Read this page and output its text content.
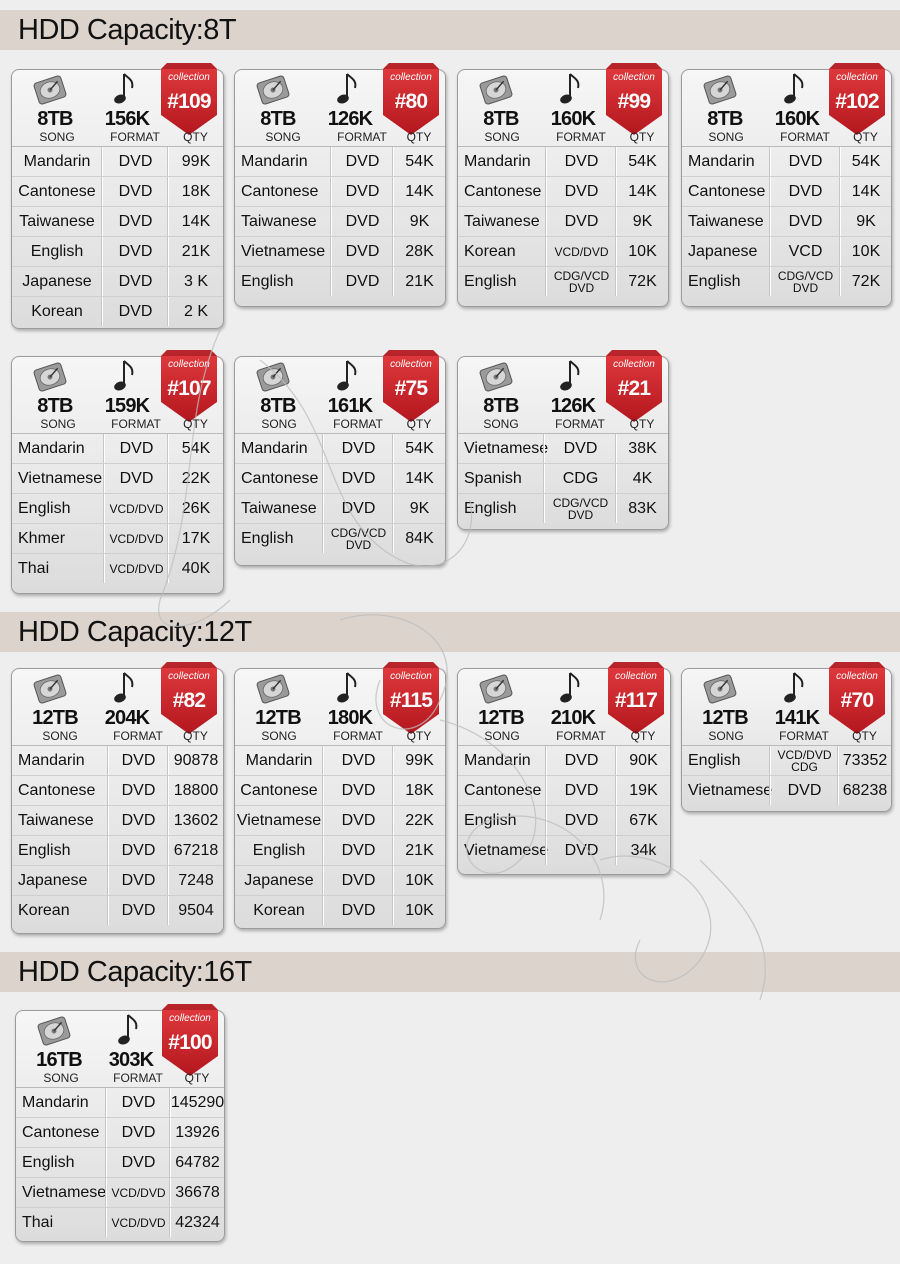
HDD Capacity:8T
HDD Capacity:12T
HDD Capacity:16T
8TB	156K
collection
#109
SONG	FORMAT	QTY
Mandarin	DVD	99K
Cantonese	DVD	18K
Taiwanese	DVD	14K
English	DVD	21K
Japanese	DVD	3 K
Korean	DVD	2 K
8TB	126K
collection
#80
SONG	FORMAT	QTY
Mandarin	DVD	54K
Cantonese	DVD	14K
Taiwanese	DVD	9K
Vietnamese	DVD	28K
English	DVD	21K
8TB	160K
collection
#99
SONG	FORMAT	QTY
Mandarin	DVD	54K
Cantonese	DVD	14K
Taiwanese	DVD	9K
Korean	VCD/DVD	10K
English	CDG/VCD DVD	72K
8TB	160K
collection
#102
SONG	FORMAT	QTY
Mandarin	DVD	54K
Cantonese	DVD	14K
Taiwanese	DVD	9K
Japanese	VCD	10K
English	CDG/VCD DVD	72K
8TB	159K
collection
#107
SONG	FORMAT	QTY
Mandarin	DVD	54K
Vietnamese	DVD	22K
English	VCD/DVD	26K
Khmer	VCD/DVD	17K
Thai	VCD/DVD	40K
8TB	161K
collection
#75
SONG	FORMAT	QTY
Mandarin	DVD	54K
Cantonese	DVD	14K
Taiwanese	DVD	9K
English	CDG/VCD DVD	84K
8TB	126K
collection
#21
SONG	FORMAT	QTY
Vietnamese DVD	38K
Spanish	CDG	4K
English	CDG/VCD DVD	83K
12TB	204K
collection
#82
SONG	FORMAT	QTY
Mandarin	DVD	90878
Cantonese	DVD	18800
Taiwanese	DVD	13602
English	DVD	67218
Japanese	DVD	7248
Korean	DVD	9504
12TB	180K
collection
#115
SONG	FORMAT	QTY
Mandarin	DVD	99K
Cantonese	DVD	18K
Vietnamese	DVD	22K
English	DVD	21K
Japanese	DVD	10K
Korean	DVD	10K
12TB	210K
collection
#117
SONG	FORMAT	QTY
Mandarin	DVD	90K
Cantonese	DVD	19K
English	DVD	67K
Vietnamese	DVD	34k
12TB	141K
collection
#70
SONG	FORMAT	QTY
English	VCD/DVD CDG	73352
Vietnamese DVD	68238
16TB	303K
collection
#100
SONG	FORMAT	QTY
Mandarin	DVD 145290
Cantonese	DVD	13926
English	DVD	64782
Vietnamese VCD/DVD 36678
Thai	VCD/DVD 42324
